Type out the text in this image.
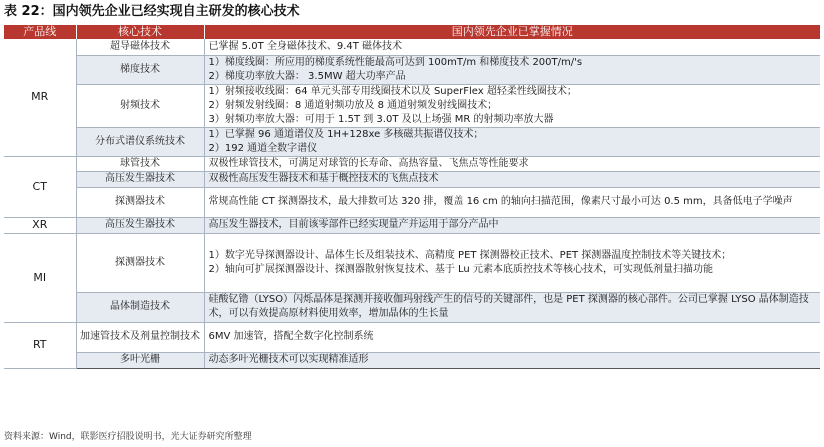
表 22：国内领先企业已经实现自主研发的核心技术
产品线	核心技术	国内领先企业已掌握情况
MR	超导磁体技术	已掌握 5.0T 全身磁体技术、9.4T 磁体技术

	梯度技术	1）梯度线圈：所应用的梯度系统性能最高可达到 100mT/m 和梯度技术 200T/m/'s
2）梯度功率放大器： 3.5MW 超大功率产品

	射频技术	1）射频接收线圈：64 单元头部专用线圈技术以及 SuperFlex 超轻柔性线圈技术；
2）射频发射线圈：8 通道射频功放及 8 通道射频发射线圈技术；
3）射频功率放大器：可用于 1.5T 到 3.0T 及以上场强 MR 的射频功率放大器

	分布式谱仪系统技术	1）已掌握 96 通道谱仪及 1H+128xe 多核磁共振谱仪技术；
2）192 通道全数字谱仪

CT	球管技术	双极性球管技术，可满足对球管的长寿命、高热容量、飞焦点等性能要求

	高压发生器技术	双极性高压发生器技术和基于概控技术的飞焦点技术

	探测器技术	常规高性能 CT 探测器技术，最大排数可达 320 排，覆盖 16 cm 的轴向扫描范围，像素尺寸最小可达 0.5 mm，具备低电子学噪声

XR	高压发生器技术	高压发生器技术，目前该零部件已经实现量产并运用于部分产品中

MI	探测器技术	1）数字光导探测器设计、晶体生长及组装技术、高精度 PET 探测器校正技术、PET 探测器温度控制技术等关键技术；
2）轴向可扩展探测器设计、探测器散射恢复技术、基于 Lu 元素本底质控技术等核心技术，可实现低剂量扫描功能

	晶体制造技术	硅酸钇镥（LYSO）闪烁晶体是探测并接收伽玛射线产生的信号的关键部件，也是 PET 探测器的核心部件。公司已掌握 LYSO 晶体制造技术，可以有效提高原材料使用效率，增加晶体的生长量

RT	加速管技术及剂量控制技术	6MV 加速管，搭配全数字化控制系统

	多叶光栅	动态多叶光栅技术可以实现精准适形
资料来源：Wind，联影医疗招股说明书，光大证券研究所整理
